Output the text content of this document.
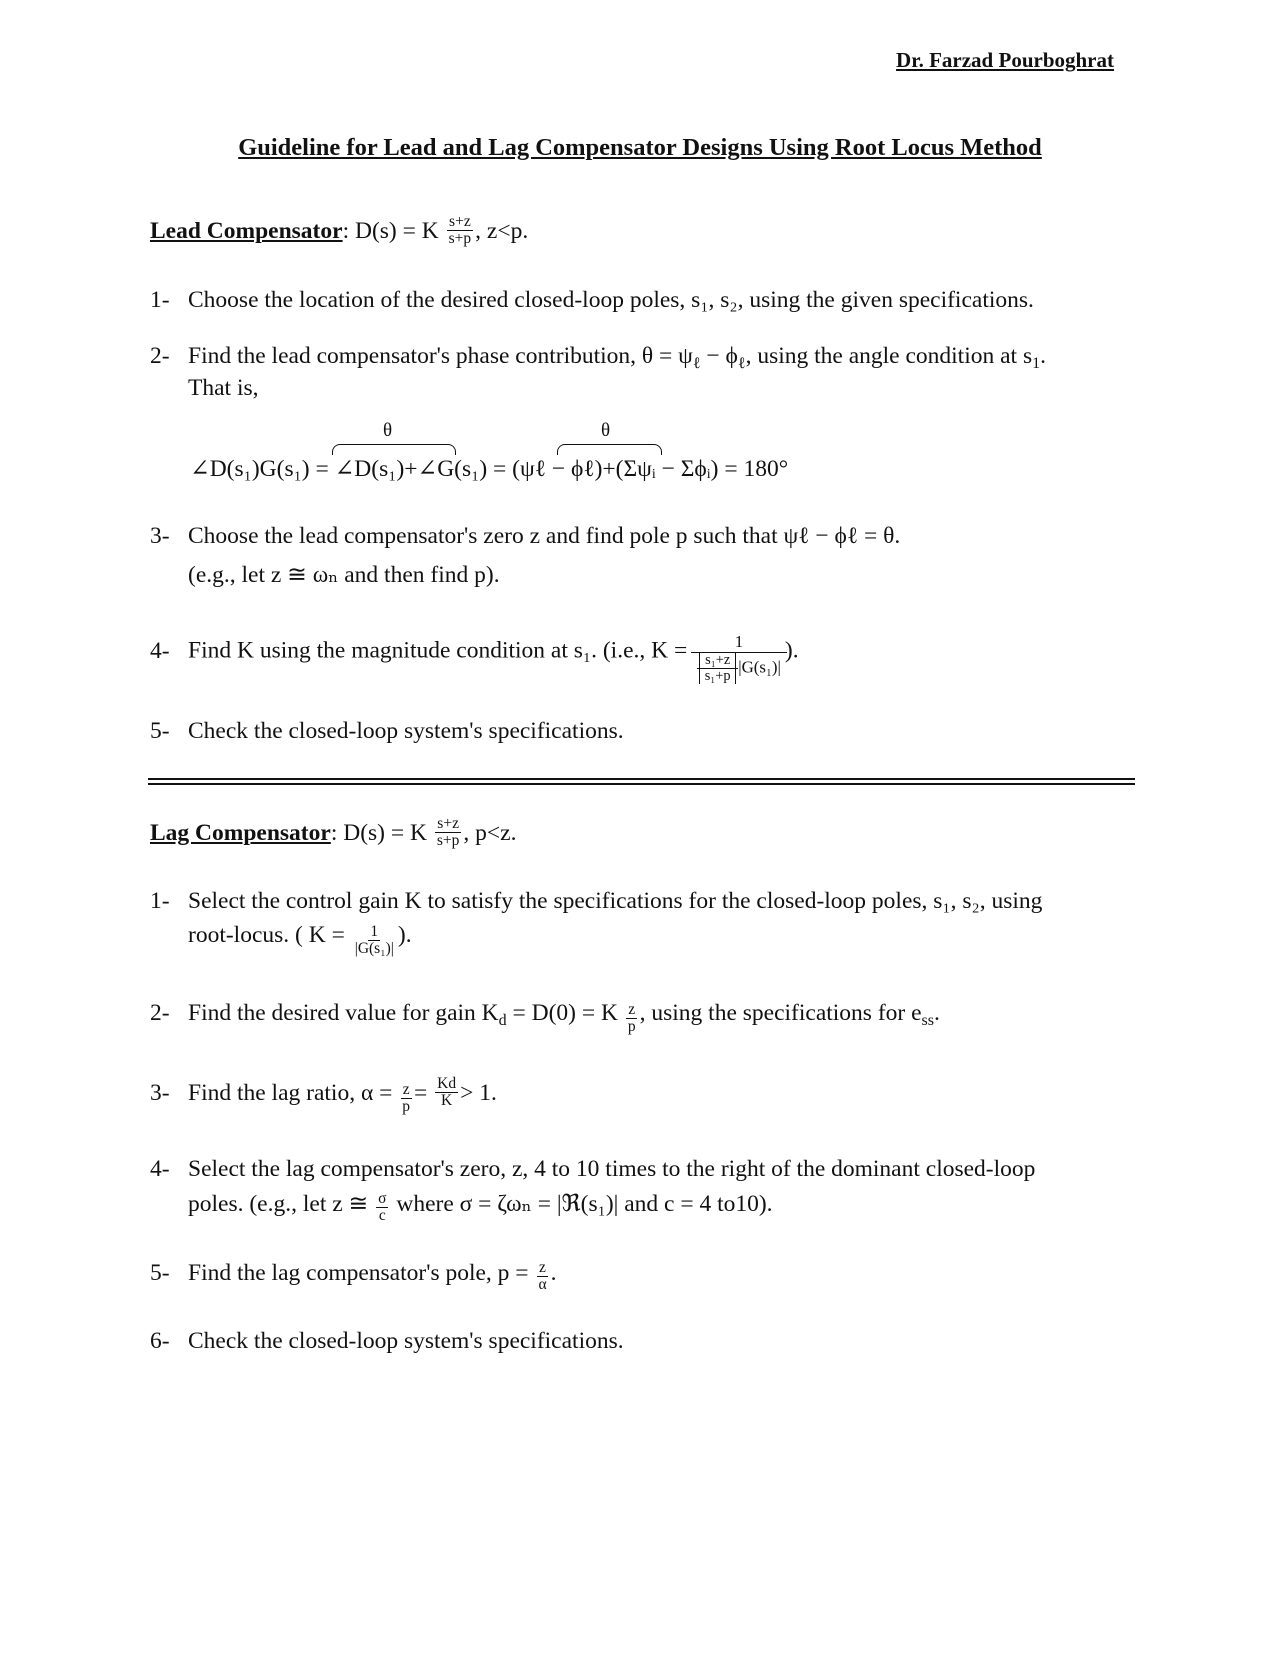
Dr. Farzad Pourboghrat
Guideline for Lead and Lag Compensator Designs Using Root Locus Method
Lead Compensator: D(s) = K $\frac{s+z}{s+p}$ , z<p.
1- Choose the location of the desired closed-loop poles, s₁, s₂, using the given specifications.
2- Find the lead compensator's phase contribution, $\theta = \psi_\ell - \phi_\ell$, using the angle condition at $s_1$.
That is,
θ	θ
∠D(s₁)G(s₁) = ∠D(s₁)+∠G(s₁) = (ψℓ − ϕℓ)+(Σψᵢ − Σϕᵢ) = 180°
3- Choose the lead compensator's zero z and find pole p such that ψℓ − ϕℓ = θ.
(e.g., let z ≅ ωₙ and then find p).
4- Find K using the magnitude condition at s₁. (i.e., $K = \frac{1}{\frac{\text{s₁+z}}{\text{s₁+p}} |G(s_1)|}$ ).
5- Check the closed-loop system's specifications.
Lag Compensator: D(s) = K $\frac{s+z}{s+p}$ , p<z.
1- Select the control gain K to satisfy the specifications for the closed-loop poles, s₁, s₂, using
root-locus. ( $K = \frac{1}{\text{|G(s₁)|}}$ ).
2- Find the desired value for gain $K_d = D(0) = K \frac{z}{p}$ , using the specifications for $e_{ss}$.
3- Find the lag ratio, $\alpha = \frac{z}{p} = \frac{Kd}{K} > 1$.
4- Select the lag compensator's zero, z, 4 to 10 times to the right of the dominant closed-loop
poles. (e.g., let z ≅ $\frac{\sigma}{c}$ where σ = ζωₙ = |ℜ(s₁)| and c = 4 to10).
5- Find the lag compensator's pole, $p = \frac{z}{\alpha}$ .
6- Check the closed-loop system's specifications.
